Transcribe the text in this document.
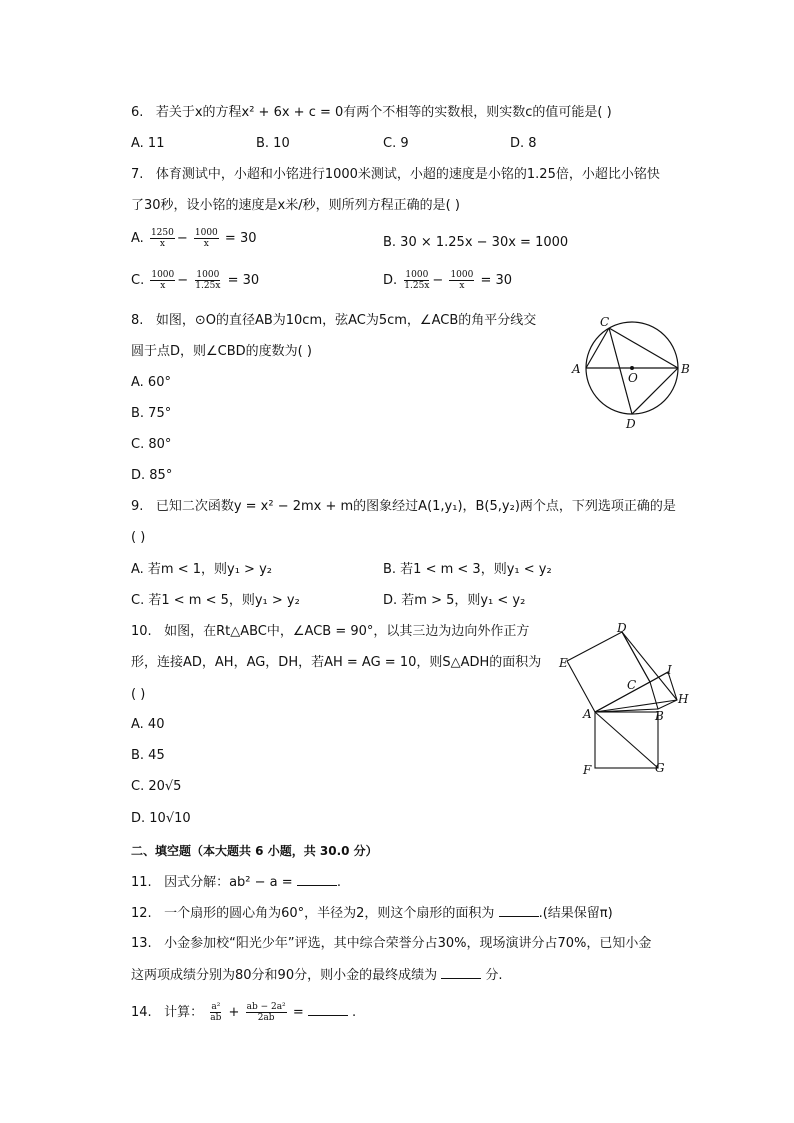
6. 若关于x的方程x² + 6x + c = 0有两个不相等的实数根，则实数c的值可能是( )
A. 11	B. 10	C. 9	D. 8
7. 体育测试中，小超和小铭进行1000米测试，小超的速度是小铭的1.25倍，小超比小铭快
了30秒，设小铭的速度是x米/秒，则所列方程正确的是( )
A. $\frac{1250}{x} - \frac{1000}{x} = 30$	B. 30 × 1.25x − 30x = 1000
C. $\frac{1000}{x} - \frac{1000}{1.25x} = 30$	D. $\frac{1000}{1.25x} - \frac{1000}{x} = 30$
8. 如图，⊙O的直径AB为10cm，弦AC为5cm，∠ACB的角平分线交
圆于点D，则∠CBD的度数为( )
A. 60°
B. 75°
C. 80°
D. 85°
C
A	B
O
D
9. 已知二次函数y = x² − 2mx + m的图象经过A(1,y₁)，B(5,y₂)两个点，下列选项正确的是
( )
A. 若m < 1，则y₁ > y₂	B. 若1 < m < 3，则y₁ < y₂
C. 若1 < m < 5，则y₁ > y₂	D. 若m > 5，则y₁ < y₂
10. 如图，在Rt△ABC中，∠ACB = 90°，以其三边为边向外作正方
形，连接AD，AH，AG，DH，若AH = AG = 10，则S△ADH的面积为
( )
A. 40
B. 45
C. 20√5
D. 10√10
D
E	I
C
H
A	B
F	G
二、填空题（本大题共 6 小题，共 30.0 分）
11. 因式分解：ab² − a =	.
12. 一个扇形的圆心角为60°，半径为2，则这个扇形的面积为	.(结果保留π)
13. 小金参加校“阳光少年”评选，其中综合荣誉分占30%，现场演讲分占70%，已知小金
这两项成绩分别为80分和90分，则小金的最终成绩为	分.
14. 计算： $\frac{\text{a²}}{ab} + \frac{\text{ab − 2a²}}{2ab}$ =	.
